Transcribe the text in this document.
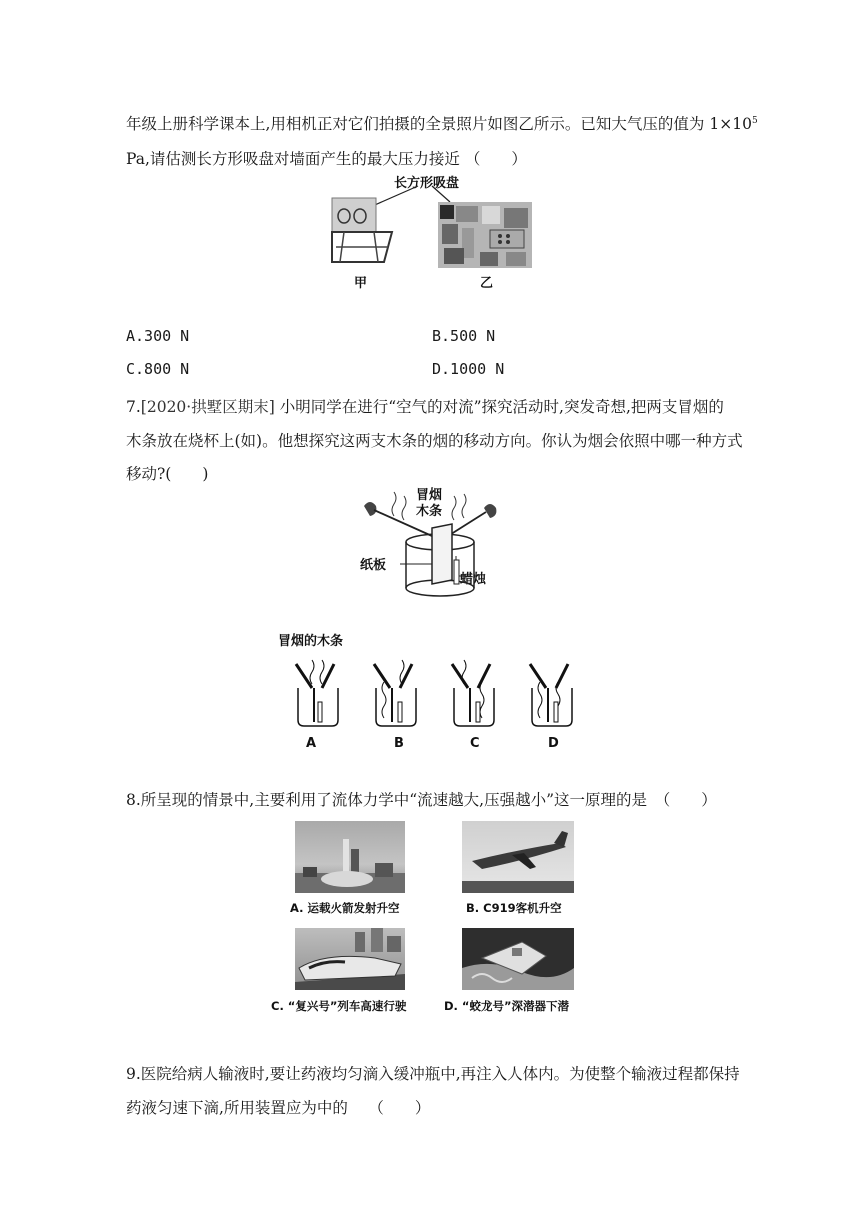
年级上册科学课本上,用相机正对它们拍摄的全景照片如图乙所示。已知大气压的值为 $1\times 10^5$
Pa,请估测长方形吸盘对墙面产生的最大压力接近 （　　）
长方形吸盘
甲	乙
A.300 N	B.500 N
C.800 N	D.1000 N
7.[2020·拱墅区期末] 小明同学在进行“空气的对流”探究活动时,突发奇想,把两支冒烟的
木条放在烧杯上(如)。他想探究这两支木条的烟的移动方向。你认为烟会依照中哪一种方式
移动?(　　)
冒烟
木条
纸板
蜡烛
冒烟的木条
A	B	C	D
8.所呈现的情景中,主要利用了流体力学中“流速越大,压强越小”这一原理的是　（　　）
A. 运载火箭发射升空	B. C919客机升空
C. “复兴号”列车高速行驶	D. “蛟龙号”深潜器下潜
9.医院给病人输液时,要让药液均匀滴入缓冲瓶中,再注入人体内。为使整个输液过程都保持
药液匀速下滴,所用装置应为中的　 （　　）
